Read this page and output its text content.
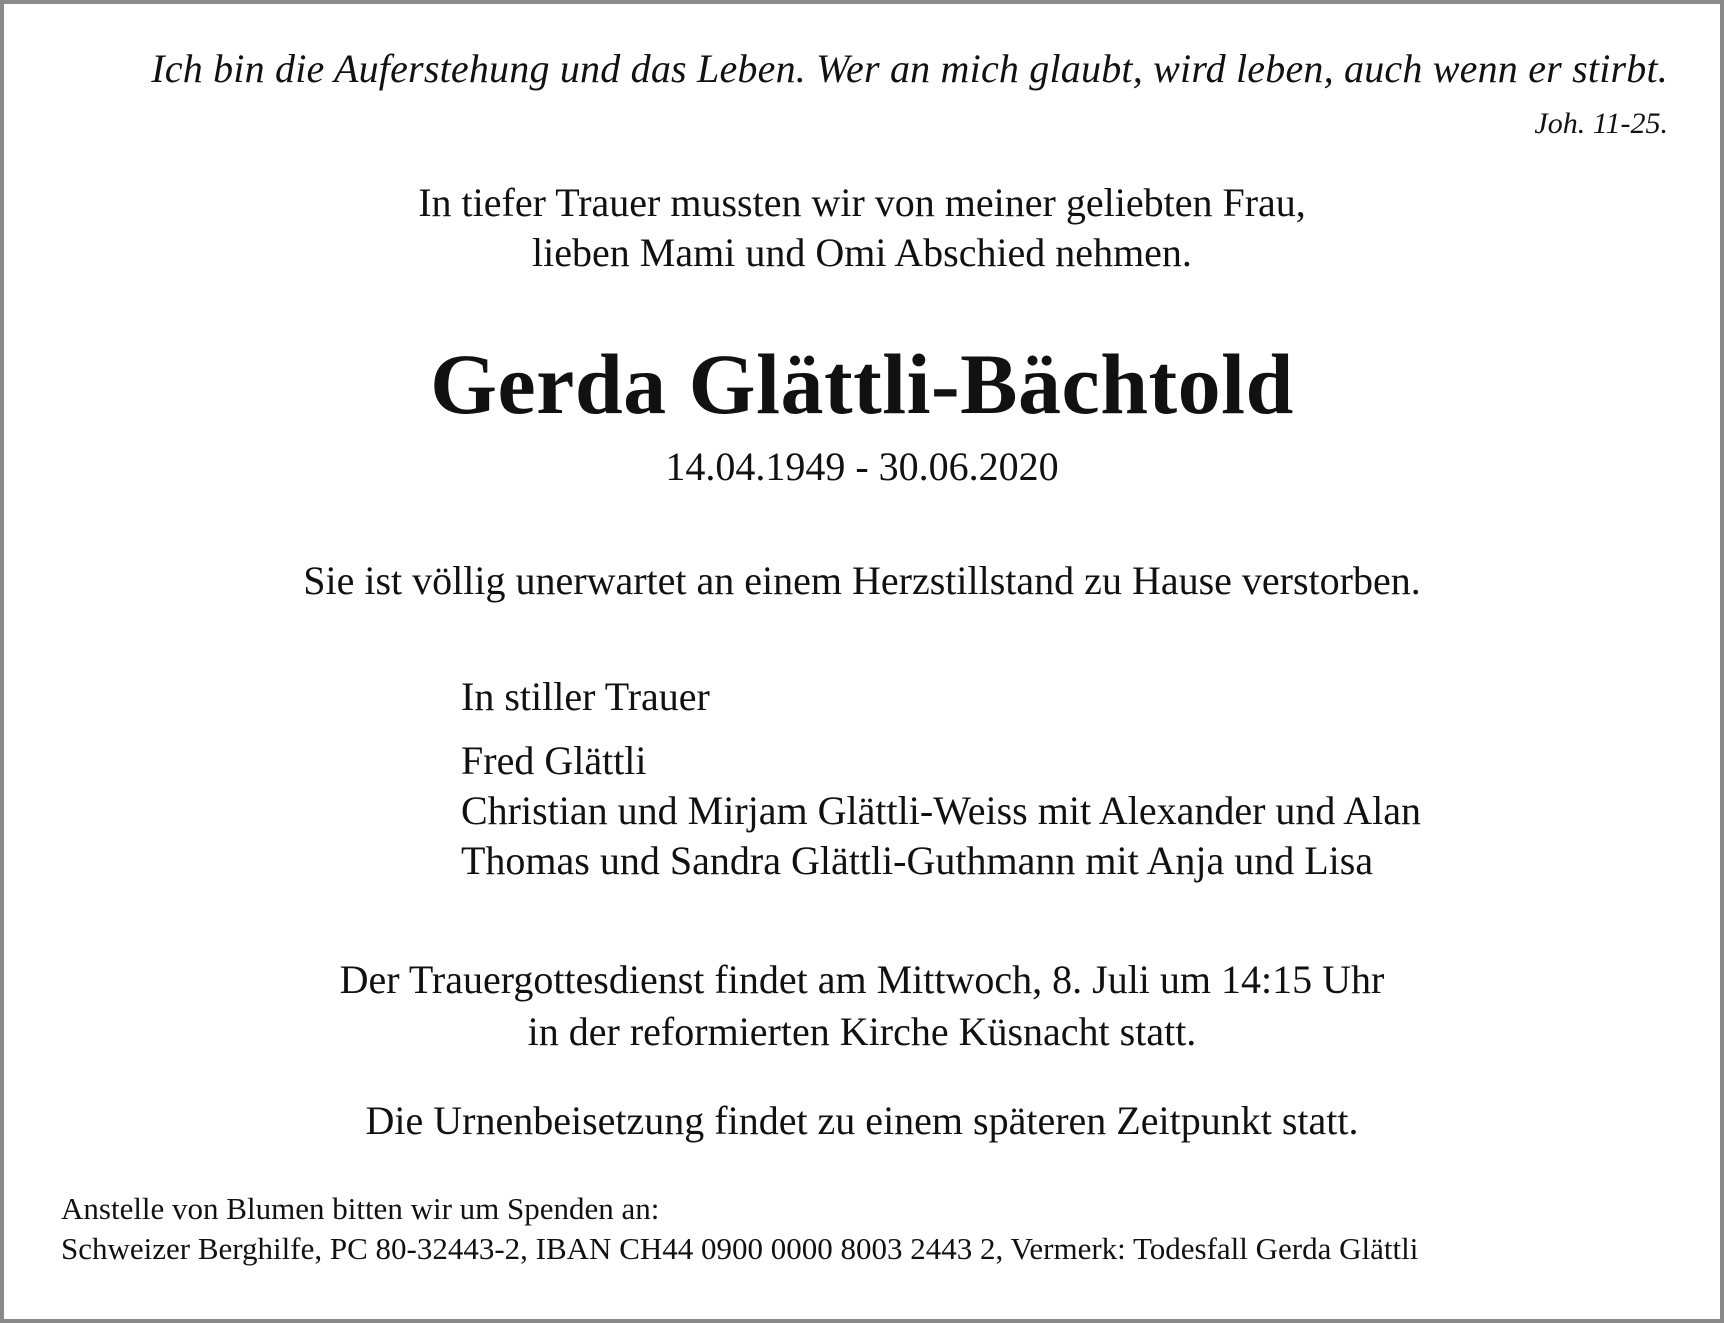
Ich bin die Auferstehung und das Leben. Wer an mich glaubt, wird leben, auch wenn er stirbt.

Joh. 11-25.

In tiefer Trauer mussten wir von meiner geliebten Frau,
lieben Mami und Omi Abschied nehmen.
Gerda Glättli-Bächtold
14.04.1949 - 30.06.2020
Sie ist völlig unerwartet an einem Herzstillstand zu Hause verstorben.

In stiller Trauer

Fred Glättli

Christian und Mirjam Glättli-Weiss mit Alexander und Alan

Thomas und Sandra Glättli-Guthmann mit Anja und Lisa

Der Trauergottesdienst findet am Mittwoch, 8. Juli um 14:15 Uhr
in der reformierten Kirche Küsnacht statt.
Die Urnenbeisetzung findet zu einem späteren Zeitpunkt statt.

Anstelle von Blumen bitten wir um Spenden an:

Schweizer Berghilfe, PC 80-32443-2, IBAN CH44 0900 0000 8003 2443 2, Vermerk: Todesfall Gerda Glättli
